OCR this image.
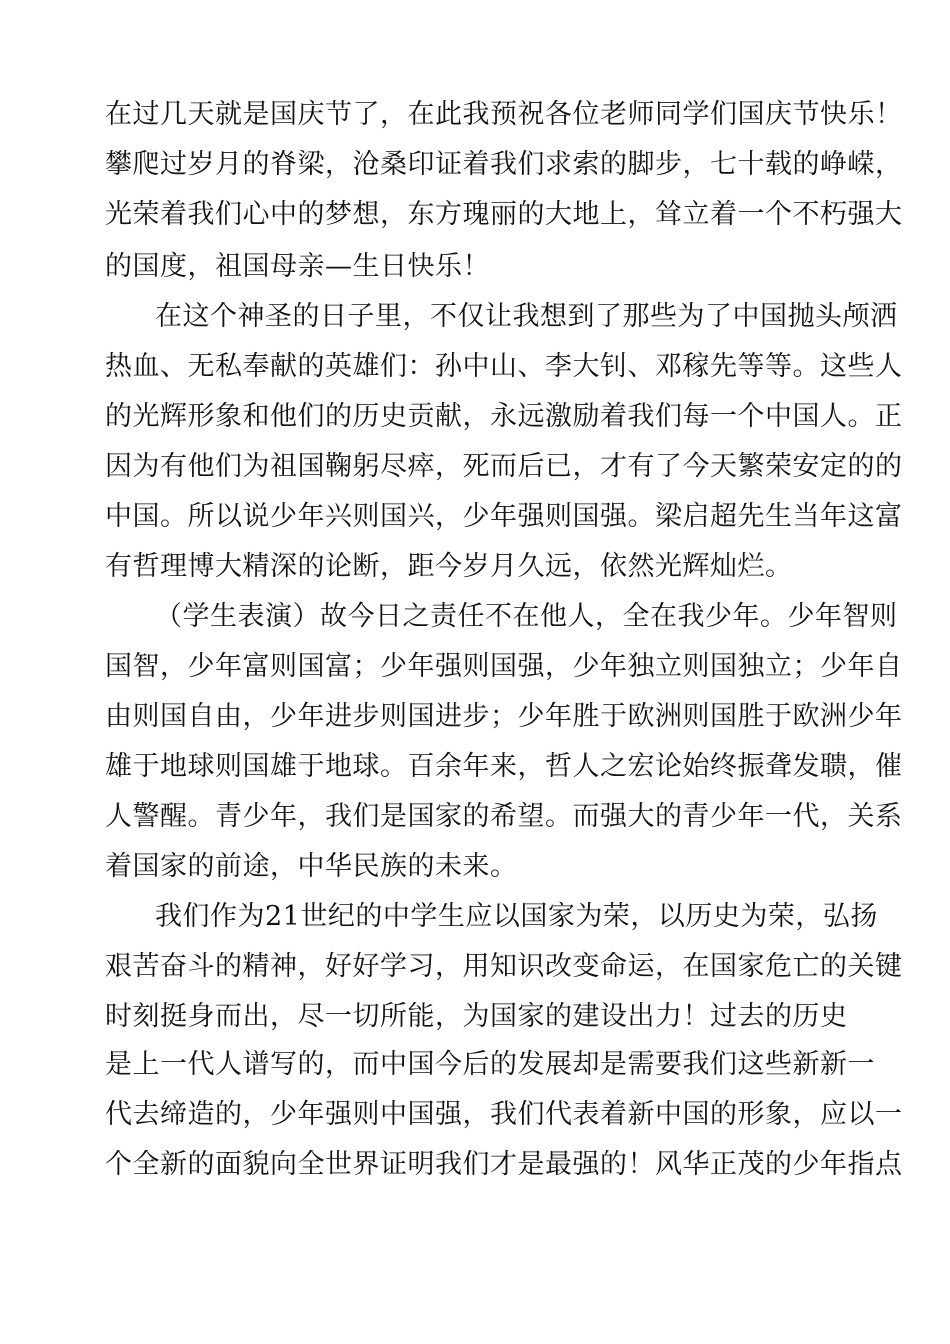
在过几天就是国庆节了，在此我预祝各位老师同学们国庆节快乐！
攀爬过岁月的脊梁，沧桑印证着我们求索的脚步，七十载的峥嵘，
光荣着我们心中的梦想，东方瑰丽的大地上，耸立着一个不朽强大
的国度，祖国母亲—生日快乐！
在这个神圣的日子里，不仅让我想到了那些为了中国抛头颅洒
热血、无私奉献的英雄们：孙中山、李大钊、邓稼先等等。这些人
的光辉形象和他们的历史贡献，永远激励着我们每一个中国人。正
因为有他们为祖国鞠躬尽瘁，死而后已，才有了今天繁荣安定的的
中国。所以说少年兴则国兴，少年强则国强。梁启超先生当年这富
有哲理博大精深的论断，距今岁月久远，依然光辉灿烂。
（学生表演）故今日之责任不在他人，全在我少年。少年智则
国智，少年富则国富；少年强则国强，少年独立则国独立；少年自
由则国自由，少年进步则国进步；少年胜于欧洲则国胜于欧洲少年
雄于地球则国雄于地球。百余年来，哲人之宏论始终振聋发聩，催
人警醒。青少年，我们是国家的希望。而强大的青少年一代，关系
着国家的前途，中华民族的未来。
我们作为21世纪的中学生应以国家为荣，以历史为荣，弘扬
艰苦奋斗的精神，好好学习，用知识改变命运，在国家危亡的关键
时刻挺身而出，尽一切所能，为国家的建设出力！过去的历史
是上一代人谱写的，而中国今后的发展却是需要我们这些新新一
代去缔造的，少年强则中国强，我们代表着新中国的形象，应以一
个全新的面貌向全世界证明我们才是最强的！风华正茂的少年指点
